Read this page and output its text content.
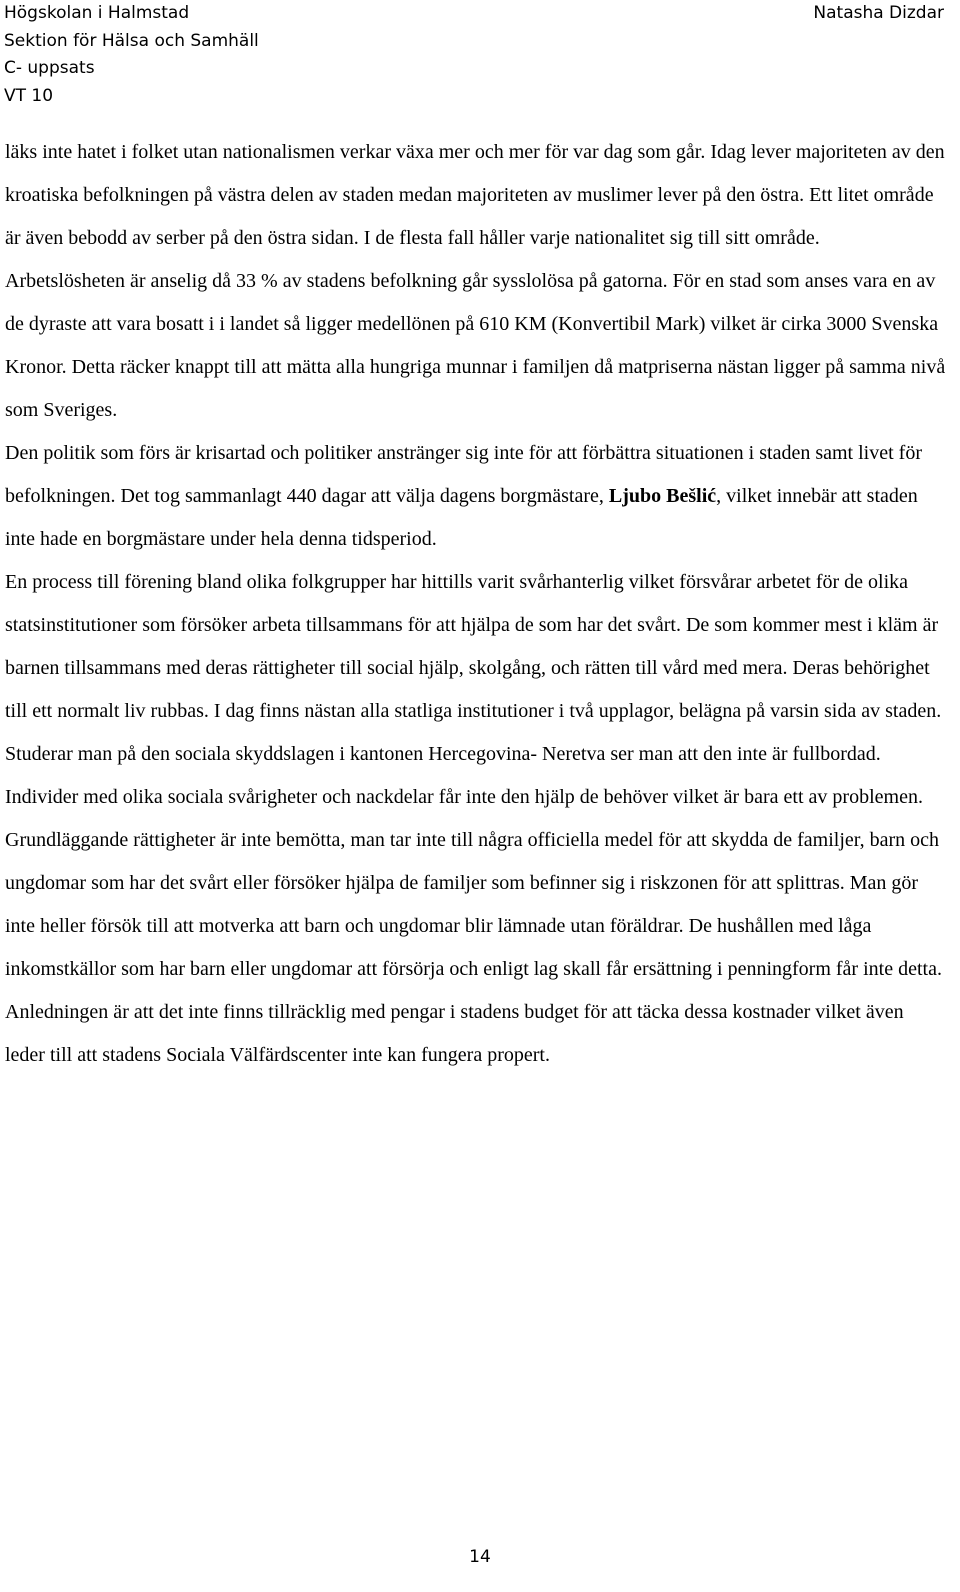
Högskolan i Halmstad
Sektion för Hälsa och Samhäll
C- uppsats
VT 10
Natasha Dizdar

läks inte hatet i folket utan nationalismen verkar växa mer och mer för var dag som går. Idag lever majoriteten av den kroatiska befolkningen på västra delen av staden medan majoriteten av muslimer lever på den östra. Ett litet område är även bebodd av serber på den östra sidan. I de flesta fall håller varje nationalitet sig till sitt område.

Arbetslösheten är anselig då 33 % av stadens befolkning går sysslolösa på gatorna. För en stad som anses vara en av de dyraste att vara bosatt i i landet så ligger medellönen på 610 KM (Konvertibil Mark) vilket är cirka 3000 Svenska Kronor. Detta räcker knappt till att mätta alla hungriga munnar i familjen då matpriserna nästan ligger på samma nivå som Sveriges.

Den politik som förs är krisartad och politiker anstränger sig inte för att förbättra situationen i staden samt livet för befolkningen. Det tog sammanlagt 440 dagar att välja dagens borgmästare, Ljubo Bešlić, vilket innebär att staden inte hade en borgmästare under hela denna tidsperiod.

En process till förening bland olika folkgrupper har hittills varit svårhanterlig vilket försvårar arbetet för de olika statsinstitutioner som försöker arbeta tillsammans för att hjälpa de som har det svårt. De som kommer mest i kläm är barnen tillsammans med deras rättigheter till social hjälp, skolgång, och rätten till vård med mera. Deras behörighet till ett normalt liv rubbas. I dag finns nästan alla statliga institutioner i två upplagor, belägna på varsin sida av staden.

Studerar man på den sociala skyddslagen i kantonen Hercegovina- Neretva ser man att den inte är fullbordad. Individer med olika sociala svårigheter och nackdelar får inte den hjälp de behöver vilket är bara ett av problemen. Grundläggande rättigheter är inte bemötta, man tar inte till några officiella medel för att skydda de familjer, barn och ungdomar som har det svårt eller försöker hjälpa de familjer som befinner sig i riskzonen för att splittras. Man gör inte heller försök till att motverka att barn och ungdomar blir lämnade utan föräldrar. De hushållen med låga inkomstkällor som har barn eller ungdomar att försörja och enligt lag skall får ersättning i penningform får inte detta. Anledningen är att det inte finns tillräcklig med pengar i stadens budget för att täcka dessa kostnader vilket även leder till att stadens Sociala Välfärdscenter inte kan fungera propert.

14
